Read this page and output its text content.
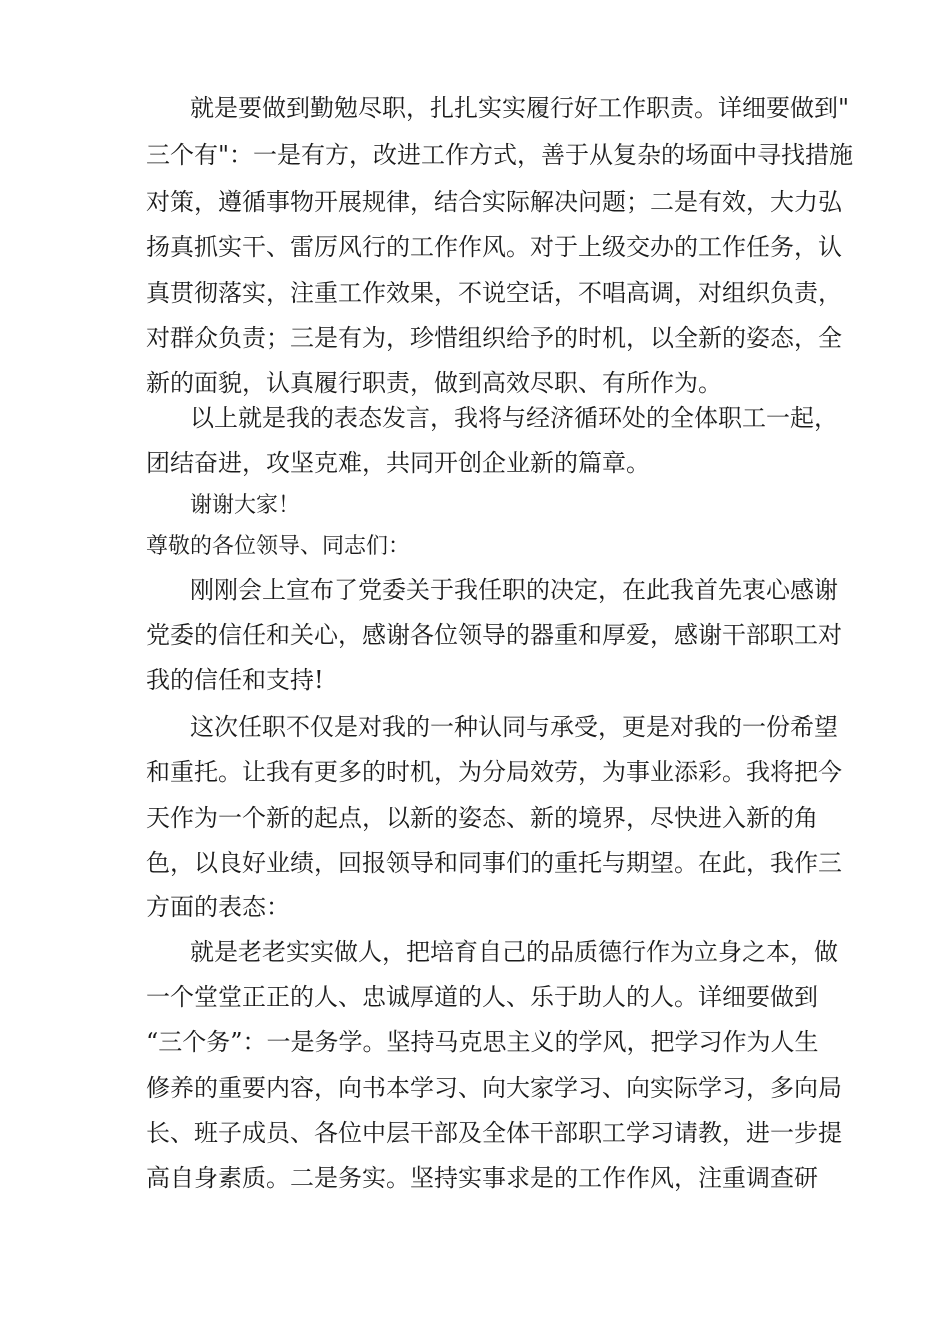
就是要做到勤勉尽职，扎扎实实履行好工作职责。详细要做到"

三个有"：一是有方，改进工作方式，善于从复杂的场面中寻找措施

对策，遵循事物开展规律，结合实际解决问题；二是有效，大力弘

扬真抓实干、雷厉风行的工作作风。对于上级交办的工作任务，认

真贯彻落实，注重工作效果，不说空话，不唱高调，对组织负责，

对群众负责；三是有为，珍惜组织给予的时机，以全新的姿态，全

新的面貌，认真履行职责，做到高效尽职、有所作为。

以上就是我的表态发言，我将与经济循环处的全体职工一起，

团结奋进，攻坚克难，共同开创企业新的篇章。

谢谢大家！

尊敬的各位领导、同志们：

刚刚会上宣布了党委关于我任职的决定，在此我首先衷心感谢

党委的信任和关心，感谢各位领导的器重和厚爱，感谢干部职工对

我的信任和支持!

这次任职不仅是对我的一种认同与承受，更是对我的一份希望

和重托。让我有更多的时机，为分局效劳，为事业添彩。我将把今

天作为一个新的起点，以新的姿态、新的境界，尽快进入新的角

色，以良好业绩，回报领导和同事们的重托与期望。在此，我作三

方面的表态：

就是老老实实做人，把培育自己的品质德行作为立身之本，做

一个堂堂正正的人、忠诚厚道的人、乐于助人的人。详细要做到

“三个务”：一是务学。坚持马克思主义的学风，把学习作为人生

修养的重要内容，向书本学习、向大家学习、向实际学习，多向局

长、班子成员、各位中层干部及全体干部职工学习请教，进一步提

高自身素质。二是务实。坚持实事求是的工作作风，注重调查研
